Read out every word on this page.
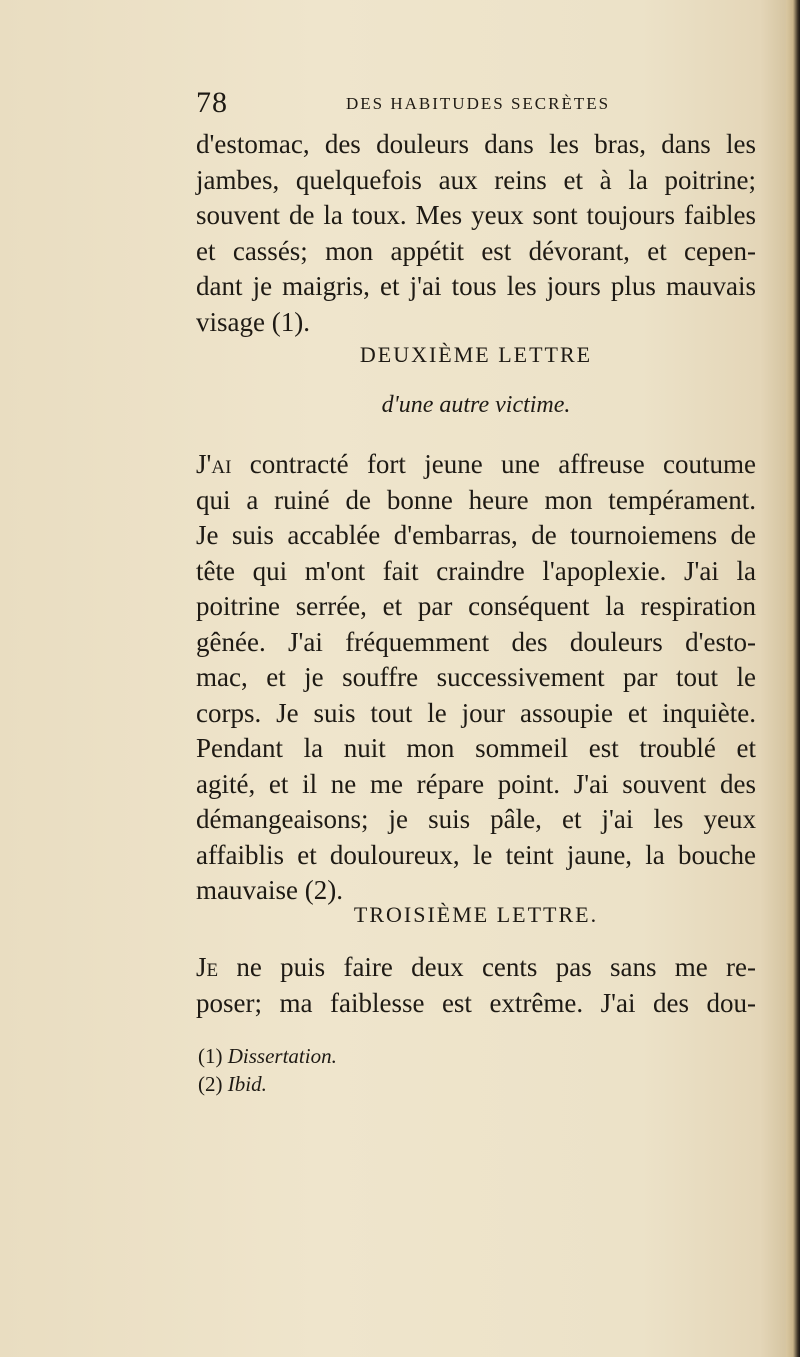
78	DES HABITUDES SECRÈTES
d'estomac, des douleurs dans les bras, dans les
jambes, quelquefois aux reins et à la poitrine;
souvent de la toux. Mes yeux sont toujours faibles
et cassés; mon appétit est dévorant, et cepen-
dant je maigris, et j'ai tous les jours plus mauvais
visage (1).
DEUXIÈME LETTRE
d'une autre victime.
J'ai contracté fort jeune une affreuse coutume
qui a ruiné de bonne heure mon tempérament.
Je suis accablée d'embarras, de tournoiemens de
tête qui m'ont fait craindre l'apoplexie. J'ai la
poitrine serrée, et par conséquent la respiration
gênée. J'ai fréquemment des douleurs d'esto-
mac, et je souffre successivement par tout le
corps. Je suis tout le jour assoupie et inquiète.
Pendant la nuit mon sommeil est troublé et
agité, et il ne me répare point. J'ai souvent des
démangeaisons; je suis pâle, et j'ai les yeux
affaiblis et douloureux, le teint jaune, la bouche
mauvaise (2).
TROISIÈME LETTRE.
Je ne puis faire deux cents pas sans me re-
poser; ma faiblesse est extrême. J'ai des dou-
(1) Dissertation.
(2) Ibid.
